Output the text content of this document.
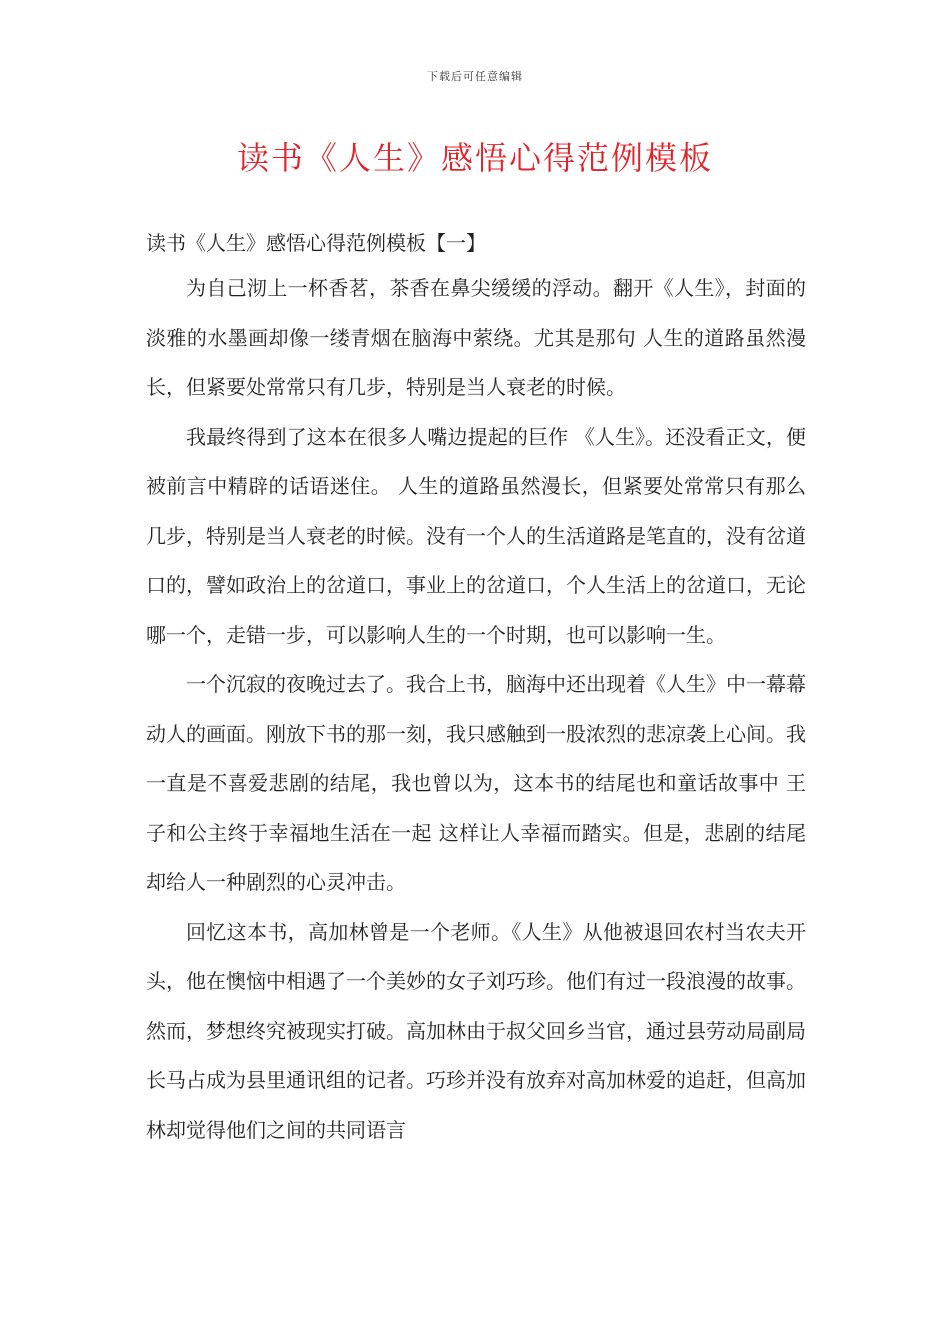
下载后可任意编辑
读书《人生》感悟心得范例模板
读书《人生》感悟心得范例模板【一】

为自己沏上一杯香茗，茶香在鼻尖缓缓的浮动。翻开《人生》，封面的淡雅的水墨画却像一缕青烟在脑海中萦绕。尤其是那句 人生的道路虽然漫长，但紧要处常常只有几步，特别是当人衰老的时候。

我最终得到了这本在很多人嘴边提起的巨作 《人生》。还没看正文，便被前言中精辟的话语迷住。 人生的道路虽然漫长，但紧要处常常只有那么几步，特别是当人衰老的时候。没有一个人的生活道路是笔直的，没有岔道口的，譬如政治上的岔道口，事业上的岔道口，个人生活上的岔道口，无论哪一个，走错一步，可以影响人生的一个时期，也可以影响一生。

一个沉寂的夜晚过去了。我合上书，脑海中还出现着《人生》中一幕幕动人的画面。刚放下书的那一刻，我只感触到一股浓烈的悲凉袭上心间。我一直是不喜爱悲剧的结尾，我也曾以为，这本书的结尾也和童话故事中 王子和公主终于幸福地生活在一起 这样让人幸福而踏实。但是，悲剧的结尾却给人一种剧烈的心灵冲击。

回忆这本书，高加林曾是一个老师。《人生》从他被退回农村当农夫开头，他在懊恼中相遇了一个美妙的女子刘巧珍。他们有过一段浪漫的故事。然而，梦想终究被现实打破。高加林由于叔父回乡当官，通过县劳动局副局长马占成为县里通讯组的记者。巧珍并没有放弃对高加林爱的追赶，但高加林却觉得他们之间的共同语言
